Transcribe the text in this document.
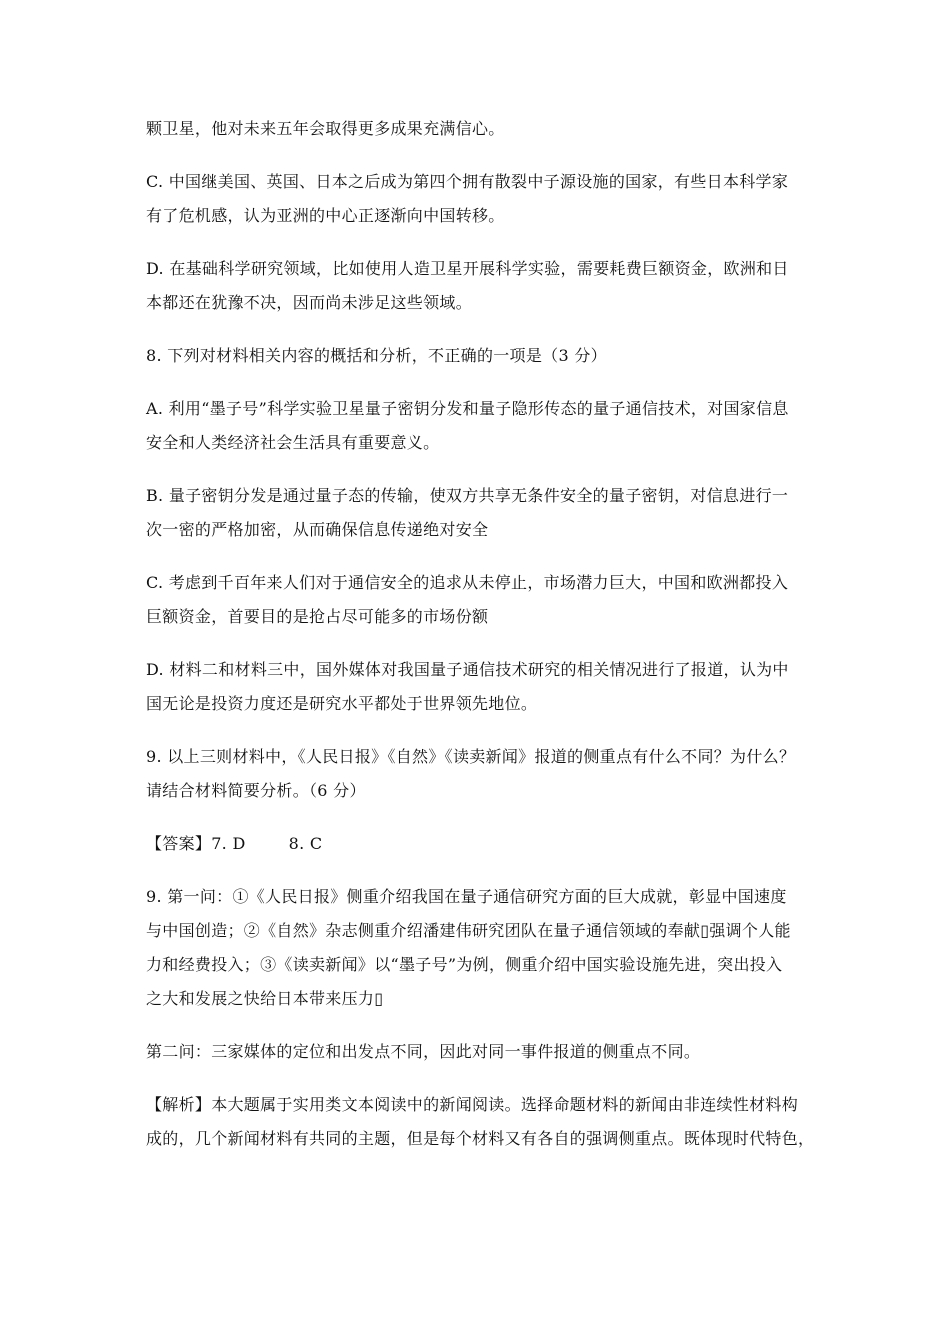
颗卫星，他对未来五年会取得更多成果充满信心。

C. 中国继美国、英国、日本之后成为第四个拥有散裂中子源设施的国家，有些日本科学家
有了危机感，认为亚洲的中心正逐渐向中国转移。

D. 在基础科学研究领域，比如使用人造卫星开展科学实验，需要耗费巨额资金，欧洲和日
本都还在犹豫不决，因而尚未涉足这些领域。

8. 下列对材料相关内容的概括和分析，不正确的一项是（3 分）

A. 利用“墨子号”科学实验卫星量子密钥分发和量子隐形传态的量子通信技术，对国家信息
安全和人类经济社会生活具有重要意义。

B. 量子密钥分发是通过量子态的传输，使双方共享无条件安全的量子密钥，对信息进行一
次一密的严格加密，从而确保信息传递绝对安全

C. 考虑到千百年来人们对于通信安全的追求从未停止，市场潜力巨大，中国和欧洲都投入
巨额资金，首要目的是抢占尽可能多的市场份额

D. 材料二和材料三中，国外媒体对我国量子通信技术研究的相关情况进行了报道，认为中
国无论是投资力度还是研究水平都处于世界领先地位。

9. 以上三则材料中，《人民日报》《自然》《读卖新闻》报道的侧重点有什么不同？为什么？
请结合材料简要分析。（6 分）

【答案】7. D        8. C

9. 第一问：①《人民日报》侧重介绍我国在量子通信研究方面的巨大成就，彰显中国速度
与中国创造；②《自然》杂志侧重介绍潘建伟研究团队在量子通信领域的奉献▯强调个人能
力和经费投入；③《读卖新闻》以“墨子号”为例，侧重介绍中国实验设施先进，突出投入
之大和发展之快给日本带来压力▯

第二问：三家媒体的定位和出发点不同，因此对同一事件报道的侧重点不同。

【解析】本大题属于实用类文本阅读中的新闻阅读。选择命题材料的新闻由非连续性材料构
成的，几个新闻材料有共同的主题，但是每个材料又有各自的强调侧重点。既体现时代特色，
